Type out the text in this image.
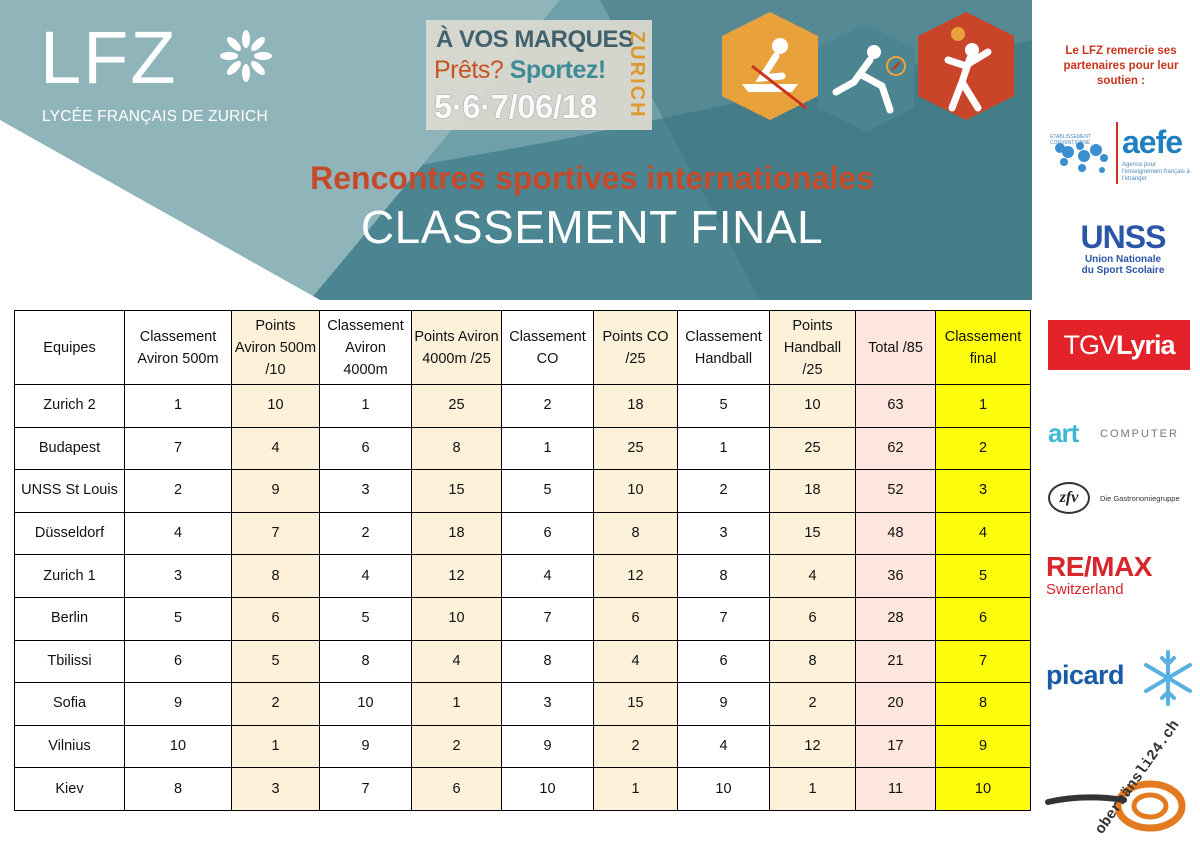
LFZ
LYCÉE FRANÇAIS DE ZURICH
À VOS MARQUES
Prêts? Sportez!
5·6·7/06/18 ZURICH
Rencontres sportives internationales
CLASSEMENT FINAL
Le LFZ remercie ses partenaires pour leur soutien :
ÉTABLISSEMENT CONVENTIONNÉ aefe
Agence pour l'enseignement français à l'étranger
UNSS
Union Nationale
du Sport Scolaire
TGVLyria
art COMPUTER
zfv	Die Gastronomiegruppe
RE/MAX
Switzerland
picard
oberhänsli24.ch
Equipes	Classement Aviron 500m	Points Aviron 500m /10	Classement Aviron 4000m	Points Aviron 4000m /25	Classement CO	Points CO /25	Classement Handball	Points Handball /25	Total /85	Classement final
Zurich 2	1	10	1	25	2	18	5	10	63	1
Budapest	7	4	6	8	1	25	1	25	62	2
UNSS St Louis	2	9	3	15	5	10	2	18	52	3
Düsseldorf	4	7	2	18	6	8	3	15	48	4
Zurich 1	3	8	4	12	4	12	8	4	36	5
Berlin	5	6	5	10	7	6	7	6	28	6
Tbilissi	6	5	8	4	8	4	6	8	21	7
Sofia	9	2	10	1	3	15	9	2	20	8
Vilnius	10	1	9	2	9	2	4	12	17	9
Kiev	8	3	7	6	10	1	10	1	11	10
